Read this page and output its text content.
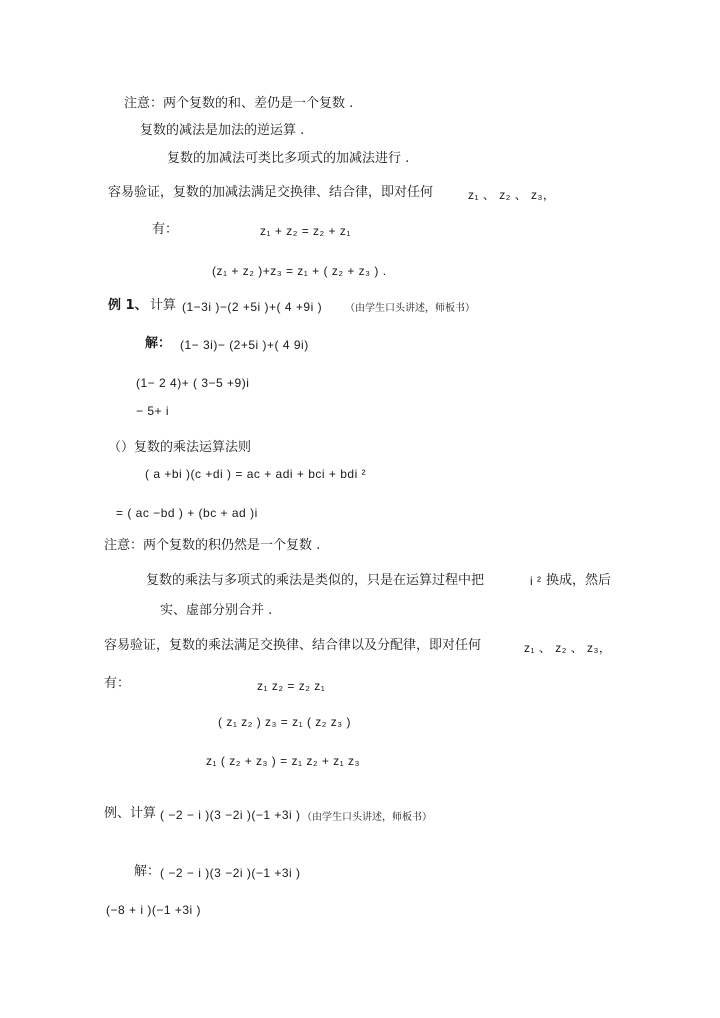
注意：两个复数的和、差仍是一个复数 .
复数的减法是加法的逆运算 .
复数的加减法可类比多项式的加减法进行 .
容易验证，复数的加减法满足交换律、结合律，即对任何	z₁ 、 z₂ 、 z₃，
有：	z₁ + z₂ = z₂ + z₁
(z₁ + z₂ )+z₃ = z₁ + ( z₂ + z₃ ) .
例 1、 计算 (1−3i )−(2 +5i )+( 4 +9i ) （由学生口头讲述，师板书）
解： (1− 3i)− (2+5i )+( 4 9i)
(1− 2 4)+ ( 3−5 +9)i
− 5+ i
（）复数的乘法运算法则
( a +bi )(c +di ) = ac + adi + bci + bdi ²
= ( ac −bd ) + (bc + ad )i
注意：两个复数的积仍然是一个复数 .
复数的乘法与多项式的乘法是类似的，只是在运算过程中把	i ² 换成，然后
实、虚部分别合并 .
容易验证，复数的乘法满足交换律、结合律以及分配律，即对任何	z₁ 、 z₂ 、 z₃，
有：	z₁ z₂ = z₂ z₁
( z₁ z₂ ) z₃ = z₁ ( z₂ z₃ )
z₁ ( z₂ + z₃ ) = z₁ z₂ + z₁ z₃
例、计算 ( −2 − i )(3 −2i )(−1 +3i ) （由学生口头讲述，师板书）
解： ( −2 − i )(3 −2i )(−1 +3i )
(−8 + i )(−1 +3i )
